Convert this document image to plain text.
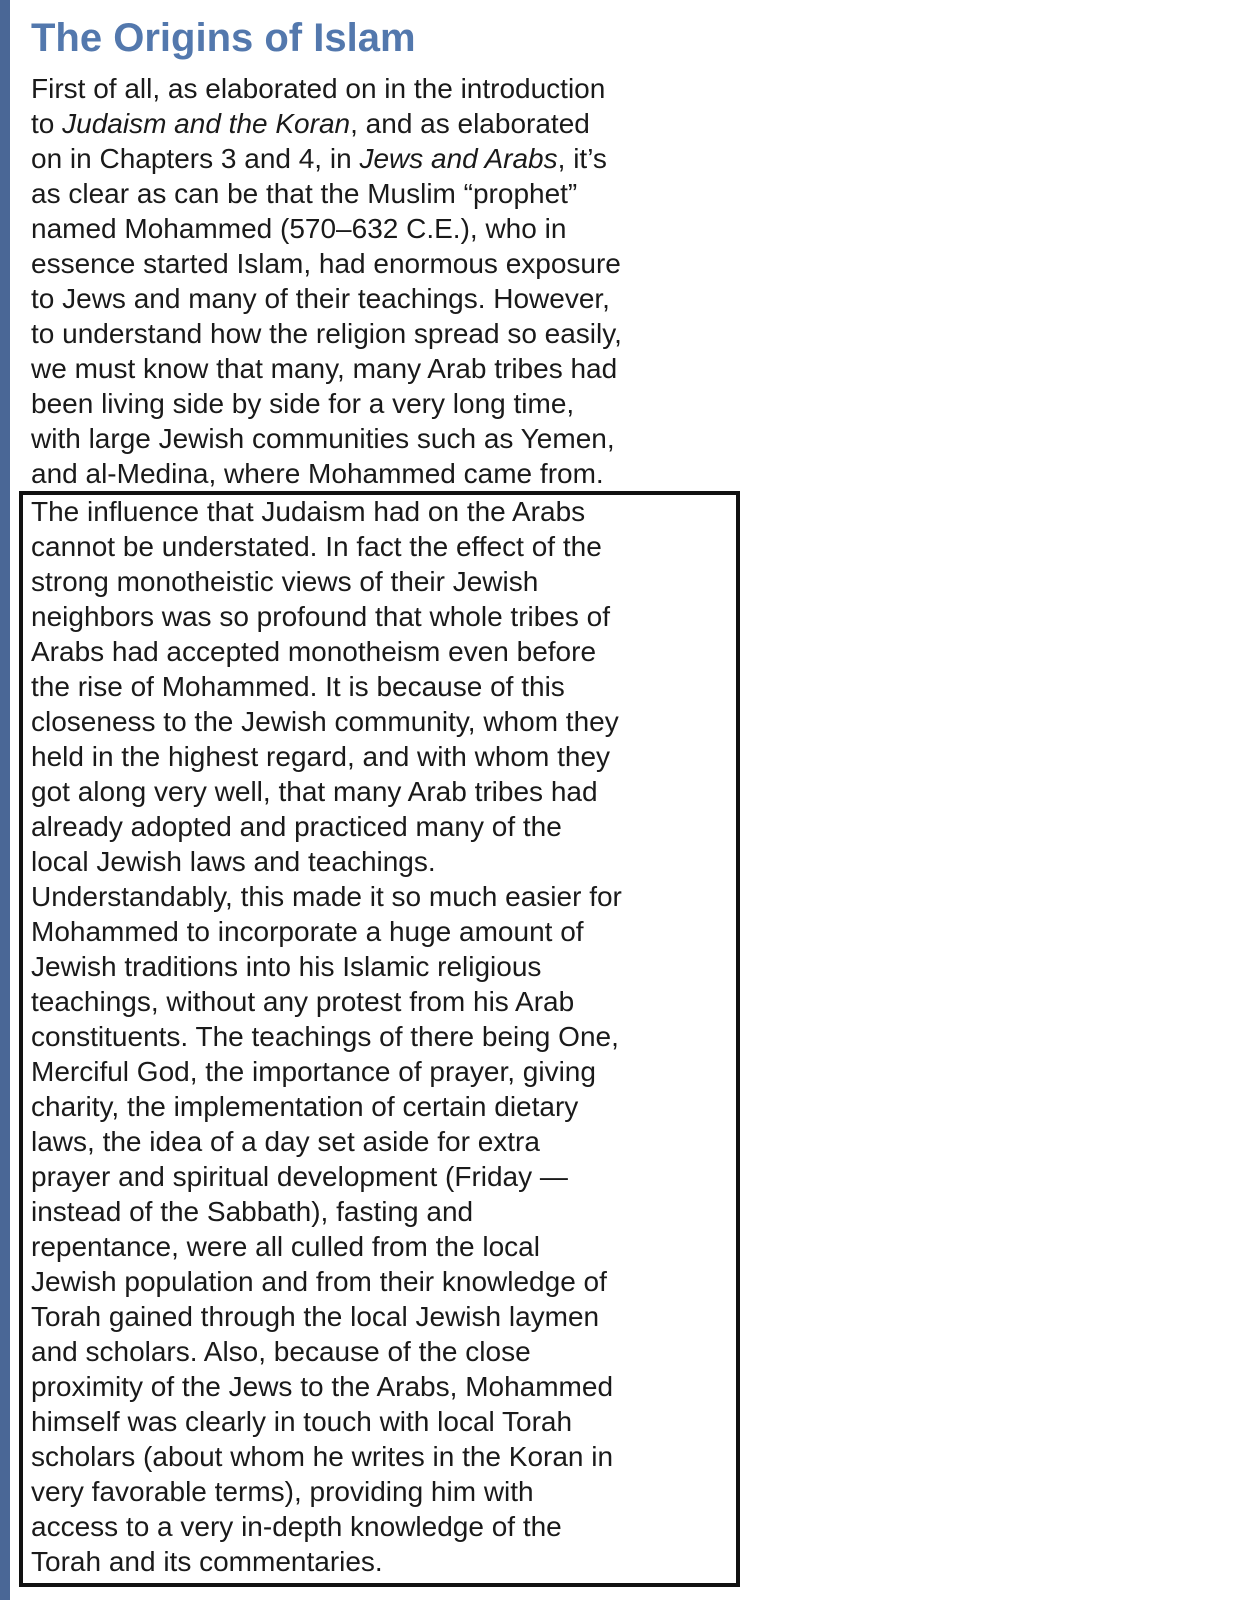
The Origins of Islam
First of all, as elaborated on in the introduction
to Judaism and the Koran, and as elaborated
on in Chapters 3 and 4, in Jews and Arabs, it’s
as clear as can be that the Muslim “prophet”
named Mohammed (570–632 C.E.), who in
essence started Islam, had enormous exposure
to Jews and many of their teachings. However,
to understand how the religion spread so easily,
we must know that many, many Arab tribes had
been living side by side for a very long time,
with large Jewish communities such as Yemen,
and al-Medina, where Mohammed came from.
The influence that Judaism had on the Arabs
cannot be understated. In fact the effect of the
strong monotheistic views of their Jewish
neighbors was so profound that whole tribes of
Arabs had accepted monotheism even before
the rise of Mohammed. It is because of this
closeness to the Jewish community, whom they
held in the highest regard, and with whom they
got along very well, that many Arab tribes had
already adopted and practiced many of the
local Jewish laws and teachings.
Understandably, this made it so much easier for
Mohammed to incorporate a huge amount of
Jewish traditions into his Islamic religious
teachings, without any protest from his Arab
constituents. The teachings of there being One,
Merciful God, the importance of prayer, giving
charity, the implementation of certain dietary
laws, the idea of a day set aside for extra
prayer and spiritual development (Friday —
instead of the Sabbath), fasting and
repentance, were all culled from the local
Jewish population and from their knowledge of
Torah gained through the local Jewish laymen
and scholars. Also, because of the close
proximity of the Jews to the Arabs, Mohammed
himself was clearly in touch with local Torah
scholars (about whom he writes in the Koran in
very favorable terms), providing him with
access to a very in-depth knowledge of the
Torah and its commentaries.
